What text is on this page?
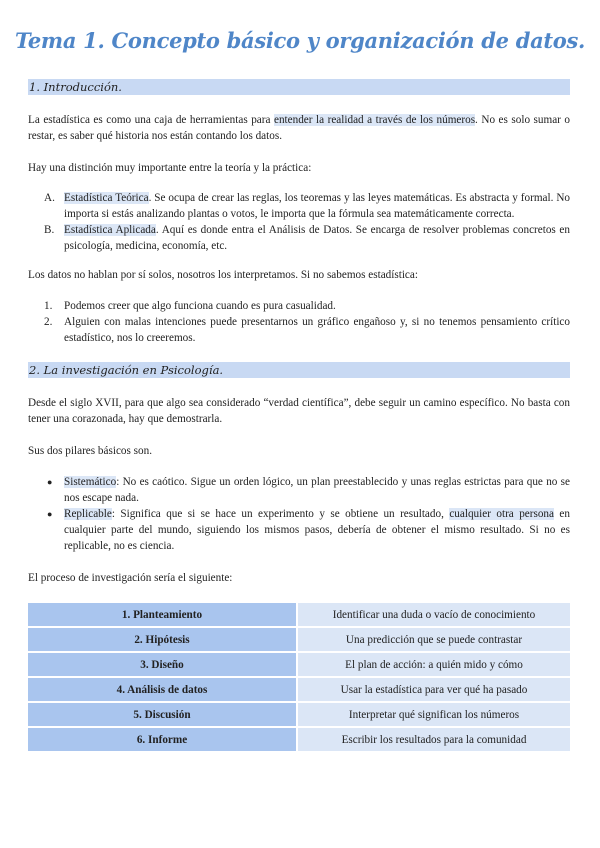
Tema 1. Concepto básico y organización de datos.
1. Introducción.

La estadística es como una caja de herramientas para entender la realidad a través de los números. No es solo sumar o restar, es saber qué historia nos están contando los datos.

Hay una distinción muy importante entre la teoría y la práctica:

A. Estadística Teórica. Se ocupa de crear las reglas, los teoremas y las leyes matemáticas. Es abstracta y formal. No importa si estás analizando plantas o votos, le importa que la fórmula sea matemáticamente correcta.
B. Estadística Aplicada. Aquí es donde entra el Análisis de Datos. Se encarga de resolver problemas concretos en psicología, medicina, economía, etc.

Los datos no hablan por sí solos, nosotros los interpretamos. Si no sabemos estadística:

1. Podemos creer que algo funciona cuando es pura casualidad.
2. Alguien con malas intenciones puede presentarnos un gráfico engañoso y, si no tenemos pensamiento crítico estadístico, nos lo creeremos.
2. La investigación en Psicología.

Desde el siglo XVII, para que algo sea considerado “verdad científica”, debe seguir un camino específico. No basta con tener una corazonada, hay que demostrarla.

Sus dos pilares básicos son.

● Sistemático: No es caótico. Sigue un orden lógico, un plan preestablecido y unas reglas estrictas para que no se nos escape nada.
● Replicable: Significa que si se hace un experimento y se obtiene un resultado, cualquier otra persona en cualquier parte del mundo, siguiendo los mismos pasos, debería de obtener el mismo resultado. Si no es replicable, no es ciencia.

El proceso de investigación sería el siguiente:

1. Planteamiento	Identificar una duda o vacío de conocimiento
2. Hipótesis	Una predicción que se puede contrastar
3. Diseño	El plan de acción: a quién mido y cómo
4. Análisis de datos	Usar la estadística para ver qué ha pasado
5. Discusión	Interpretar qué significan los números
6. Informe	Escribir los resultados para la comunidad
